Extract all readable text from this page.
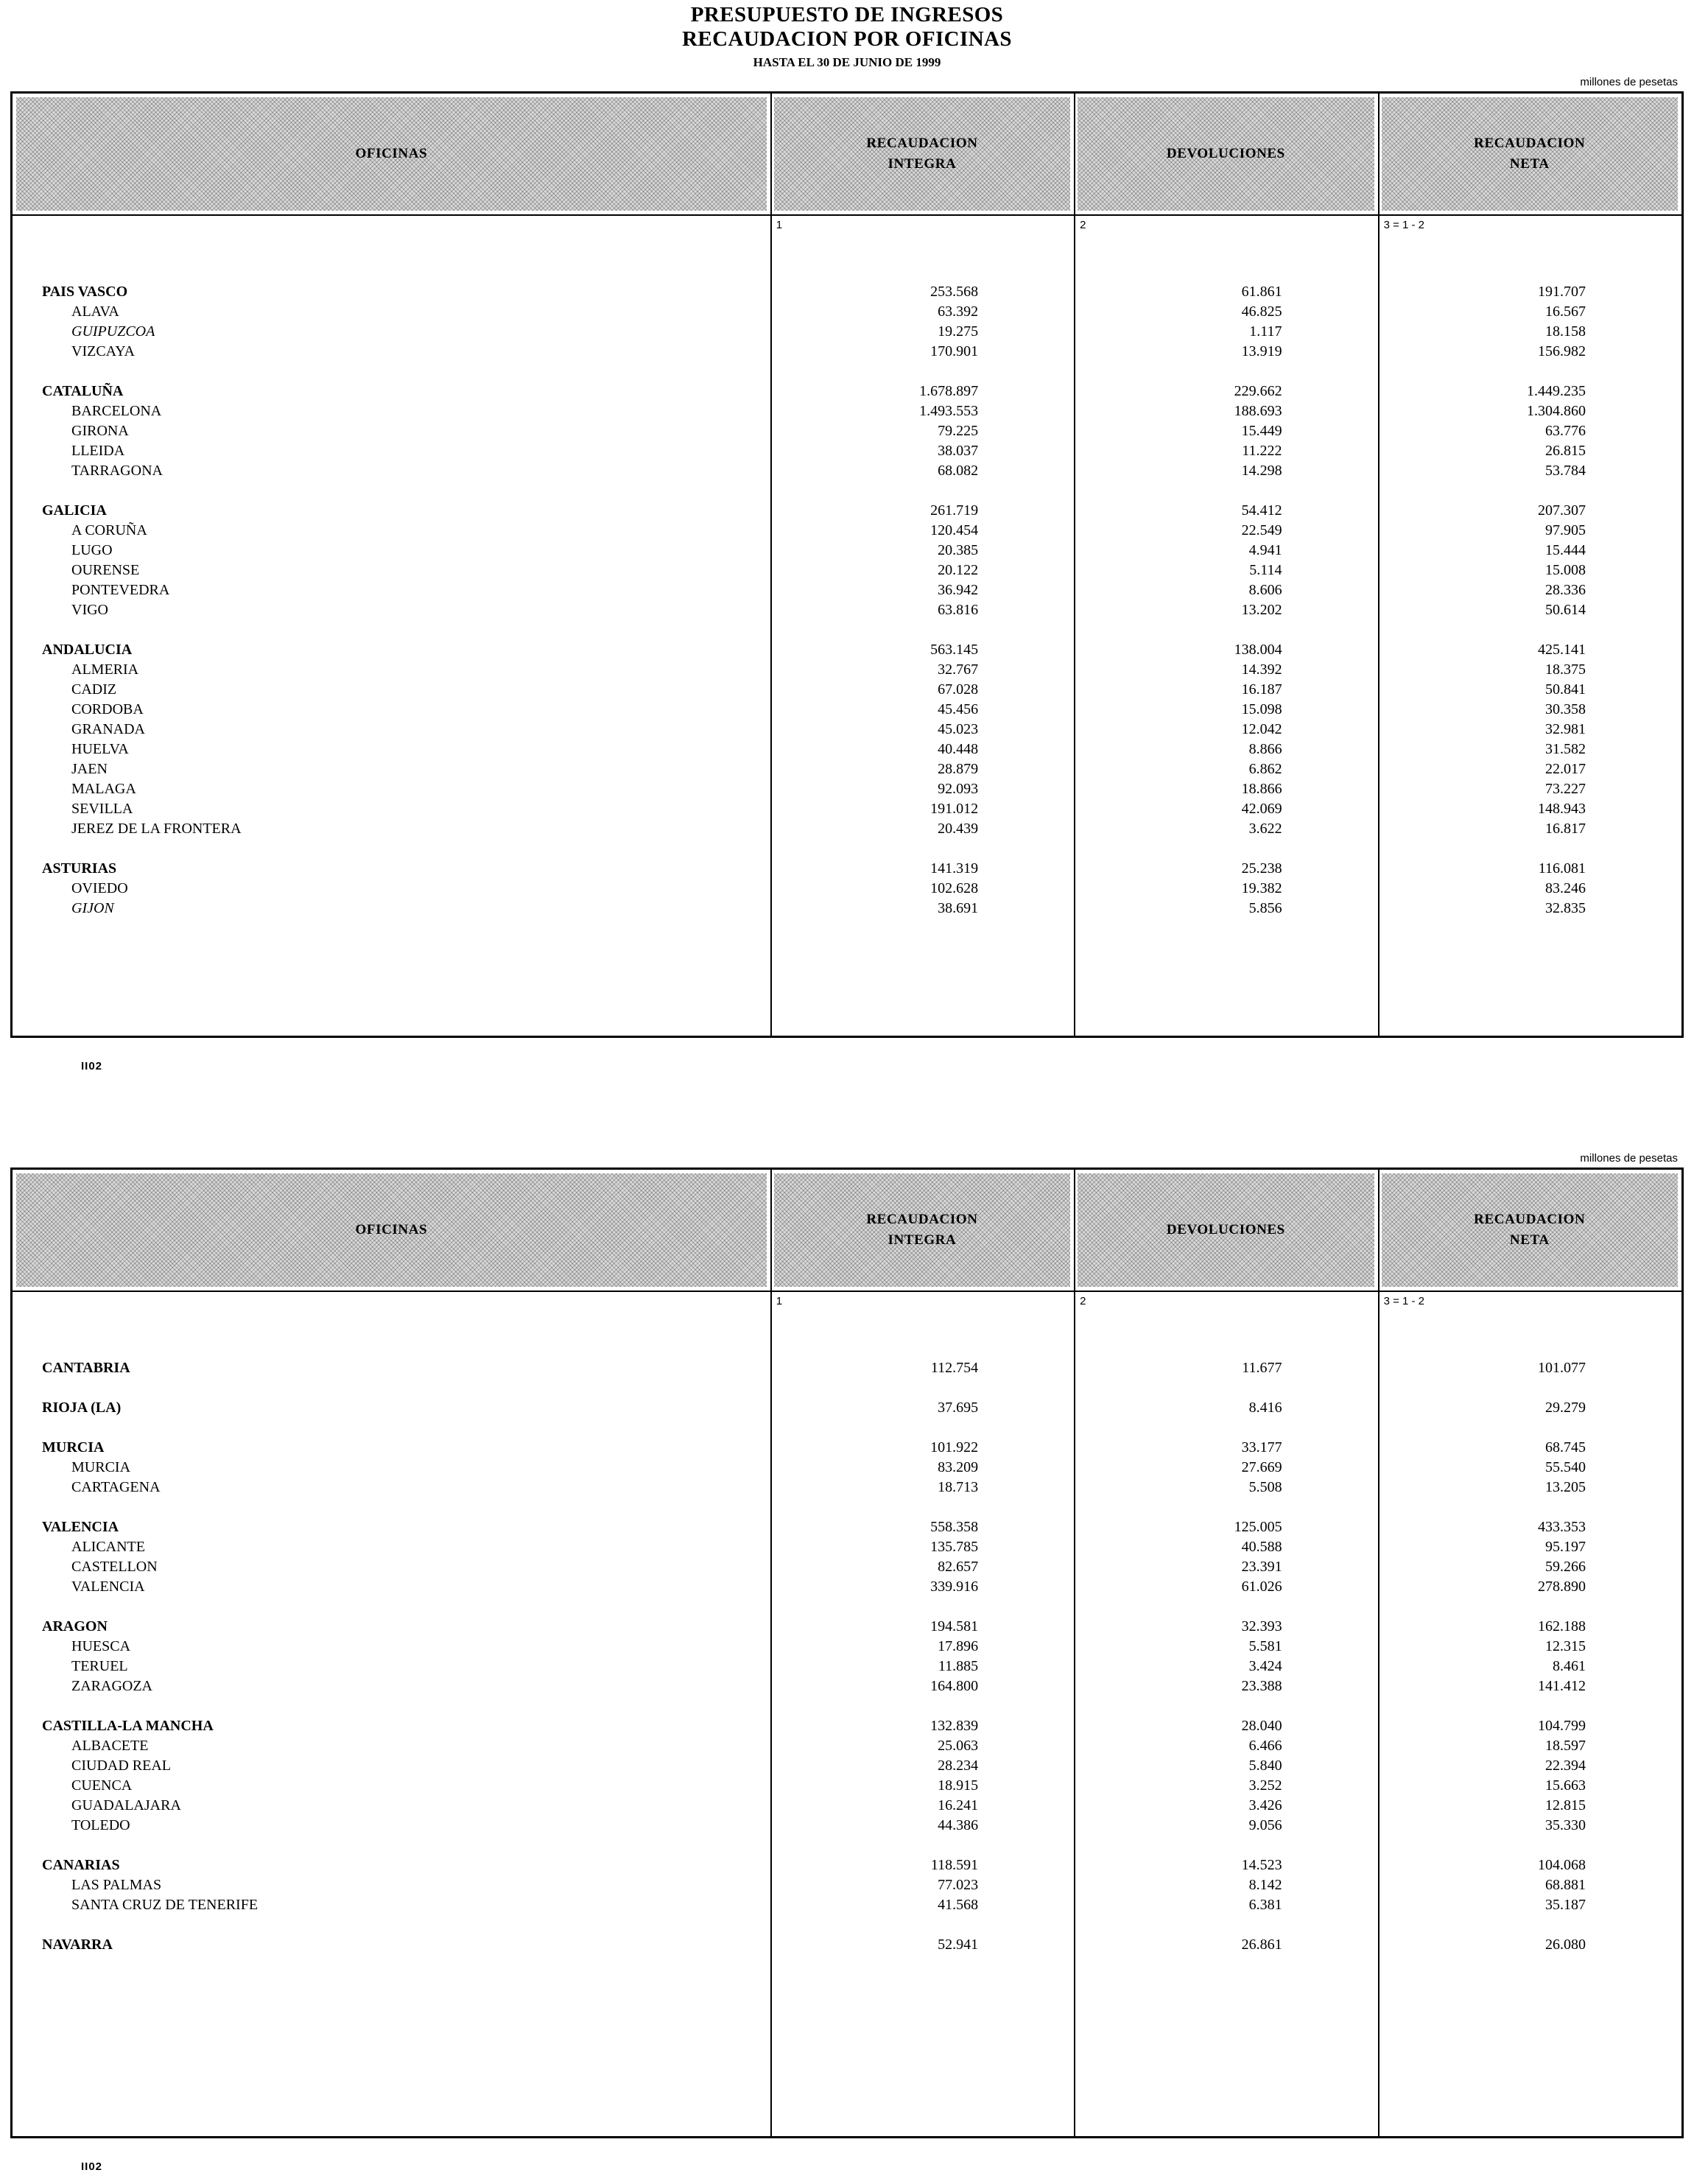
PRESUPUESTO DE INGRESOS
RECAUDACION POR OFICINAS
HASTA EL 30 DE JUNIO DE 1999
millones de pesetas
OFICINAS
RECAUDACION
INTEGRA
DEVOLUCIONES
RECAUDACION
NETA
1	2	3 = 1 - 2
PAIS VASCO	253.568	61.861	191.707
ALAVA	63.392	46.825	16.567
GUIPUZCOA	19.275	1.117	18.158
VIZCAYA	170.901	13.919	156.982
CATALUÑA	1.678.897	229.662	1.449.235
BARCELONA	1.493.553	188.693	1.304.860
GIRONA	79.225	15.449	63.776
LLEIDA	38.037	11.222	26.815
TARRAGONA	68.082	14.298	53.784
GALICIA	261.719	54.412	207.307
A CORUÑA	120.454	22.549	97.905
LUGO	20.385	4.941	15.444
OURENSE	20.122	5.114	15.008
PONTEVEDRA	36.942	8.606	28.336
VIGO	63.816	13.202	50.614
ANDALUCIA	563.145	138.004	425.141
ALMERIA	32.767	14.392	18.375
CADIZ	67.028	16.187	50.841
CORDOBA	45.456	15.098	30.358
GRANADA	45.023	12.042	32.981
HUELVA	40.448	8.866	31.582
JAEN	28.879	6.862	22.017
MALAGA	92.093	18.866	73.227
SEVILLA	191.012	42.069	148.943
JEREZ DE LA FRONTERA	20.439	3.622	16.817
ASTURIAS	141.319	25.238	116.081
OVIEDO	102.628	19.382	83.246
GIJON	38.691	5.856	32.835
II02
millones de pesetas
OFICINAS
RECAUDACION
INTEGRA
DEVOLUCIONES
RECAUDACION
NETA
1	2	3 = 1 - 2
CANTABRIA	112.754	11.677	101.077
RIOJA (LA)	37.695	8.416	29.279
MURCIA	101.922	33.177	68.745
MURCIA	83.209	27.669	55.540
CARTAGENA	18.713	5.508	13.205
VALENCIA	558.358	125.005	433.353
ALICANTE	135.785	40.588	95.197
CASTELLON	82.657	23.391	59.266
VALENCIA	339.916	61.026	278.890
ARAGON	194.581	32.393	162.188
HUESCA	17.896	5.581	12.315
TERUEL	11.885	3.424	8.461
ZARAGOZA	164.800	23.388	141.412
CASTILLA-LA MANCHA	132.839	28.040	104.799
ALBACETE	25.063	6.466	18.597
CIUDAD REAL	28.234	5.840	22.394
CUENCA	18.915	3.252	15.663
GUADALAJARA	16.241	3.426	12.815
TOLEDO	44.386	9.056	35.330
CANARIAS	118.591	14.523	104.068
LAS PALMAS	77.023	8.142	68.881
SANTA CRUZ DE TENERIFE	41.568	6.381	35.187
NAVARRA	52.941	26.861	26.080
II02
